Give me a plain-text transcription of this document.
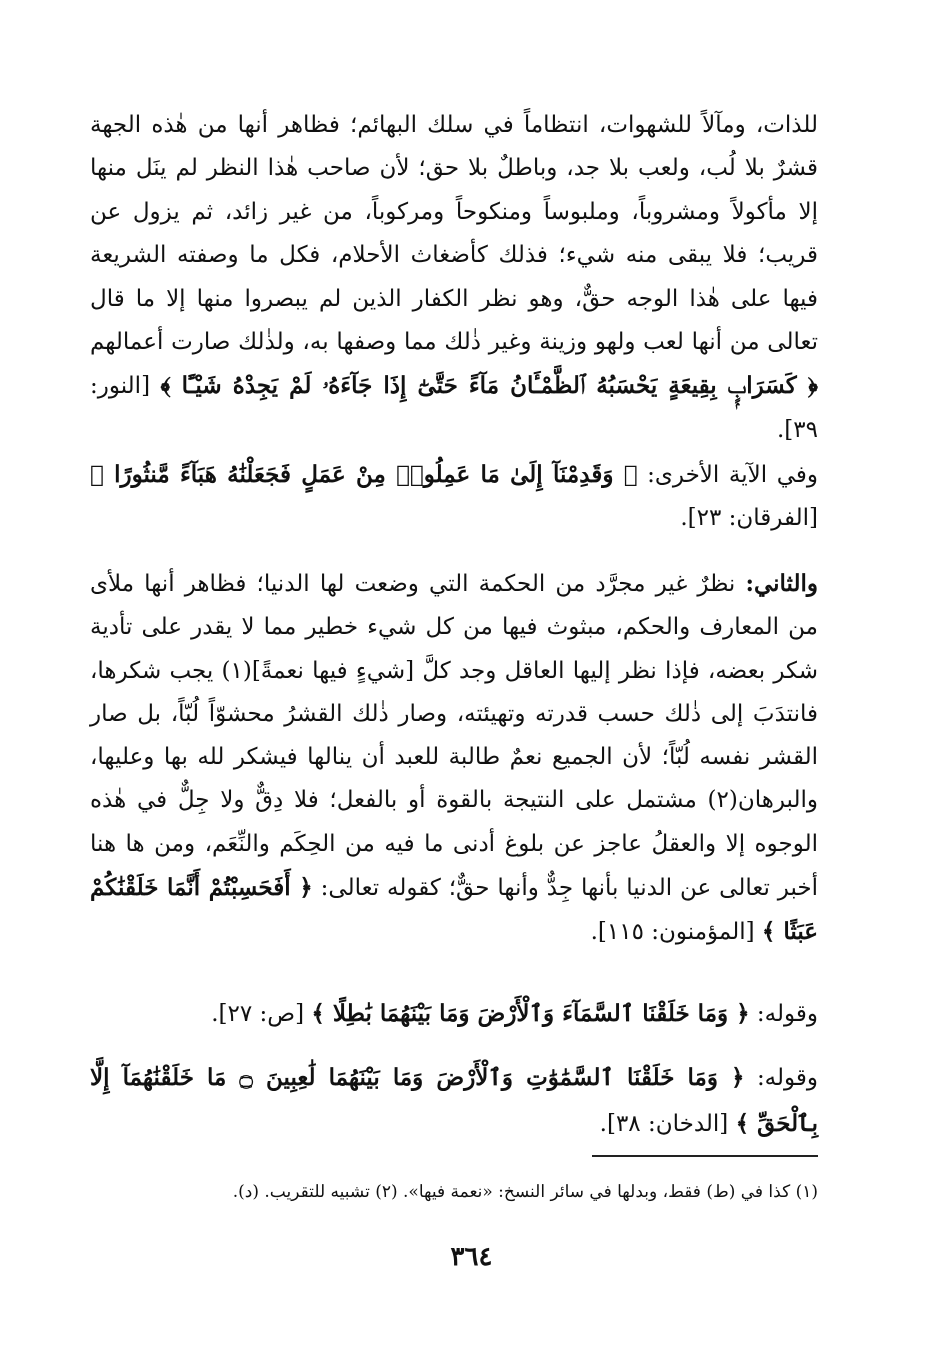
للذات، ومآلاً للشهوات، انتظاماً في سلك البهائم؛ فظاهر أنها من هٰذه الجهة قشرٌ بلا لُب، ولعب بلا جد، وباطلٌ بلا حق؛ لأن صاحب هٰذا النظر لم ينَل منها إلا مأكولاً ومشروباً، وملبوساً ومنكوحاً ومركوباً، من غير زائد، ثم يزول عن قريب؛ فلا يبقى منه شيء؛ فذلك كأضغاث الأحلام، فكل ما وصفته الشريعة فيها على هٰذا الوجه حقٌّ، وهو نظر الكفار الذين لم يبصروا منها إلا ما قال تعالى من أنها لعب ولهو وزينة وغير ذٰلك مما وصفها به، ولذٰلك صارت أعمالهم ﴿ كَسَرَابٍۭ بِقِيعَةٍ يَحْسَبُهُ ٱلظَّمْـَٔانُ مَآءً حَتَّىٰٓ إِذَا جَآءَهُۥ لَمْ يَجِدْهُ شَيْـًٔا ﴾ [النور: ٣٩].
وفي الآية الأخرى: ﴿ وَقَدِمْنَآ إِلَىٰ مَا عَمِلُوا۟ مِنْ عَمَلٍ فَجَعَلْنَٰهُ هَبَآءً مَّنثُورًا ﴾ [الفرقان: ٢٣].
والثاني: نظرٌ غير مجرَّد من الحكمة التي وضعت لها الدنيا؛ فظاهر أنها ملأى من المعارف والحكم، مبثوث فيها من كل شيء خطير مما لا يقدر على تأدية شكر بعضه، فإذا نظر إليها العاقل وجد كلَّ [شيءٍ فيها نعمةً](١) يجب شكرها، فانتدَبَ إلى ذٰلك حسب قدرته وتهيئته، وصار ذٰلك القشرُ محشوّاً لُبّاً، بل صار القشر نفسه لُبّاً؛ لأن الجميع نعمٌ طالبة للعبد أن ينالها فيشكر لله بها وعليها، والبرهان(٢) مشتمل على النتيجة بالقوة أو بالفعل؛ فلا دِقٌّ ولا جِلٌّ في هٰذه الوجوه إلا والعقلُ عاجز عن بلوغ أدنى ما فيه من الحِكَم والنِّعَم، ومن ها هنا أخبر تعالى عن الدنيا بأنها جِدٌّ وأنها حقٌّ؛ كقوله تعالى: ﴿ أَفَحَسِبْتُمْ أَنَّمَا خَلَقْنَٰكُمْ عَبَثًا ﴾ [المؤمنون: ١١٥].
وقوله: ﴿ وَمَا خَلَقْنَا ٱلسَّمَآءَ وَٱلْأَرْضَ وَمَا بَيْنَهُمَا بَٰطِلًا ﴾ [ص: ٢٧].
وقوله: ﴿ وَمَا خَلَقْنَا ٱلسَّمَٰوَٰتِ وَٱلْأَرْضَ وَمَا بَيْنَهُمَا لَٰعِبِينَ ۝ مَا خَلَقْنَٰهُمَآ إِلَّا بِٱلْحَقِّ ﴾ [الدخان: ٣٨].
(١) كذا في (ط) فقط، وبدلها في سائر النسخ: «نعمة فيها». (٢) تشبيه للتقريب. (د).
٣٦٤
